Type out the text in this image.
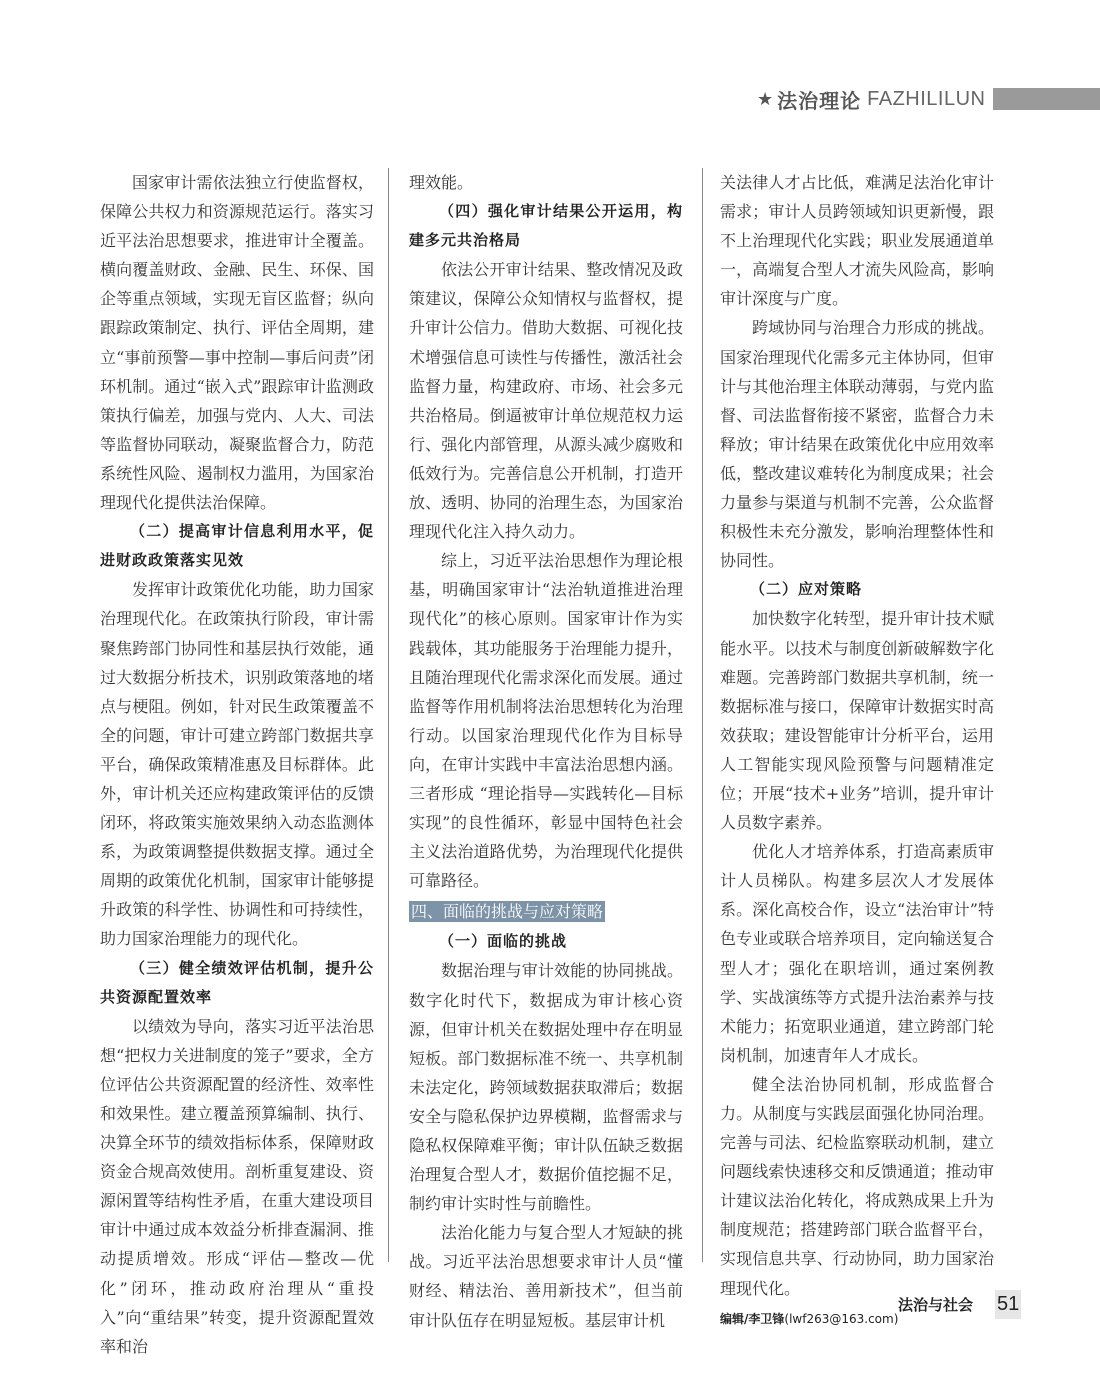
★ 法治理论 FAZHILILUN

国家审计需依法独立行使监督权，保障公共权力和资源规范运行。落实习近平法治思想要求，推进审计全覆盖。横向覆盖财政、金融、民生、环保、国企等重点领域，实现无盲区监督；纵向跟踪政策制定、执行、评估全周期，建立“事前预警—事中控制—事后问责”闭环机制。通过“嵌入式”跟踪审计监测政策执行偏差，加强与党内、人大、司法等监督协同联动，凝聚监督合力，防范系统性风险、遏制权力滥用，为国家治理现代化提供法治保障。

（二）提高审计信息利用水平，促进财政政策落实见效

发挥审计政策优化功能，助力国家治理现代化。在政策执行阶段，审计需聚焦跨部门协同性和基层执行效能，通过大数据分析技术，识别政策落地的堵点与梗阻。例如，针对民生政策覆盖不全的问题，审计可建立跨部门数据共享平台，确保政策精准惠及目标群体。此外，审计机关还应构建政策评估的反馈闭环，将政策实施效果纳入动态监测体系，为政策调整提供数据支撑。通过全周期的政策优化机制，国家审计能够提升政策的科学性、协调性和可持续性，助力国家治理能力的现代化。

（三）健全绩效评估机制，提升公共资源配置效率

以绩效为导向，落实习近平法治思想“把权力关进制度的笼子”要求，全方位评估公共资源配置的经济性、效率性和效果性。建立覆盖预算编制、执行、决算全环节的绩效指标体系，保障财政资金合规高效使用。剖析重复建设、资源闲置等结构性矛盾，在重大建设项目审计中通过成本效益分析排查漏洞、推动提质增效。形成“评估—整改—优化”闭环，推动政府治理从“重投入”向“重结果”转变，提升资源配置效率和治

理效能。

（四）强化审计结果公开运用，构建多元共治格局

依法公开审计结果、整改情况及政策建议，保障公众知情权与监督权，提升审计公信力。借助大数据、可视化技术增强信息可读性与传播性，激活社会监督力量，构建政府、市场、社会多元共治格局。倒逼被审计单位规范权力运行、强化内部管理，从源头减少腐败和低效行为。完善信息公开机制，打造开放、透明、协同的治理生态，为国家治理现代化注入持久动力。

综上，习近平法治思想作为理论根基，明确国家审计“法治轨道推进治理现代化”的核心原则。国家审计作为实践载体，其功能服务于治理能力提升，且随治理现代化需求深化而发展。通过监督等作用机制将法治思想转化为治理行动。以国家治理现代化作为目标导向，在审计实践中丰富法治思想内涵。三者形成 “理论指导—实践转化—目标实现”的良性循环，彰显中国特色社会主义法治道路优势，为治理现代化提供可靠路径。

四、面临的挑战与应对策略
（一）面临的挑战

数据治理与审计效能的协同挑战。数字化时代下，数据成为审计核心资源，但审计机关在数据处理中存在明显短板。部门数据标准不统一、共享机制未法定化，跨领域数据获取滞后；数据安全与隐私保护边界模糊，监督需求与隐私权保障难平衡；审计队伍缺乏数据治理复合型人才，数据价值挖掘不足，制约审计实时性与前瞻性。

法治化能力与复合型人才短缺的挑战。习近平法治思想要求审计人员“懂财经、精法治、善用新技术”，但当前审计队伍存在明显短板。基层审计机

关法律人才占比低，难满足法治化审计需求；审计人员跨领域知识更新慢，跟不上治理现代化实践；职业发展通道单一，高端复合型人才流失风险高，影响审计深度与广度。

跨域协同与治理合力形成的挑战。国家治理现代化需多元主体协同，但审计与其他治理主体联动薄弱，与党内监督、司法监督衔接不紧密，监督合力未释放；审计结果在政策优化中应用效率低，整改建议难转化为制度成果；社会力量参与渠道与机制不完善，公众监督积极性未充分激发，影响治理整体性和协同性。

（二）应对策略

加快数字化转型，提升审计技术赋能水平。以技术与制度创新破解数字化难题。完善跨部门数据共享机制，统一数据标准与接口，保障审计数据实时高效获取；建设智能审计分析平台，运用人工智能实现风险预警与问题精准定位；开展“技术+业务”培训，提升审计人员数字素养。

优化人才培养体系，打造高素质审计人员梯队。构建多层次人才发展体系。深化高校合作，设立“法治审计”特色专业或联合培养项目，定向输送复合型人才；强化在职培训，通过案例教学、实战演练等方式提升法治素养与技术能力；拓宽职业通道，建立跨部门轮岗机制，加速青年人才成长。

健全法治协同机制，形成监督合力。从制度与实践层面强化协同治理。完善与司法、纪检监察联动机制，建立问题线索快速移交和反馈通道；推动审计建议法治化转化，将成熟成果上升为制度规范；搭建跨部门联合监督平台，实现信息共享、行动协同，助力国家治理现代化。

编辑/李卫锋(lwf263@163.com)
法治与社会 51
